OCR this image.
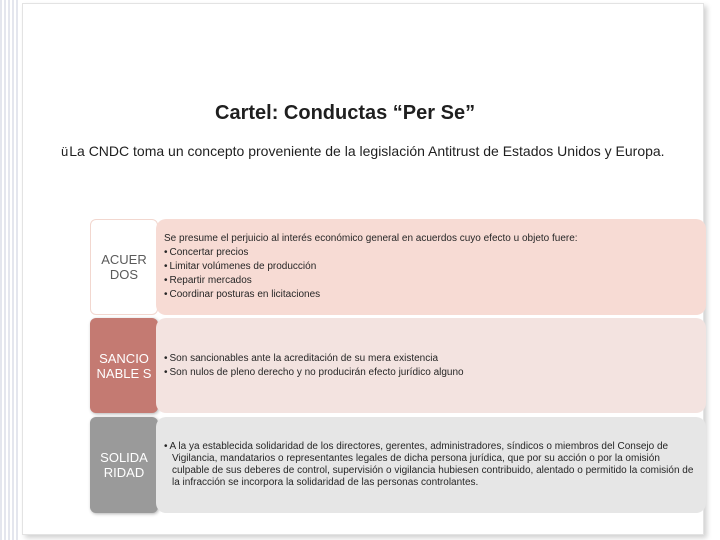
Cartel: Conductas “Per Se”
üLa CNDC toma un concepto proveniente de la legislación Antitrust de Estados Unidos y Europa.
ACUER DOS
Se presume el perjuicio al interés económico general en acuerdos cuyo efecto u objeto fuere:
• Concertar precios
• Limitar volúmenes de producción
• Repartir mercados
• Coordinar posturas en licitaciones
SANCIO NABLE S
• Son sancionables ante la acreditación de su mera existencia
• Son nulos de pleno derecho y no producirán efecto jurídico alguno
SOLIDA RIDAD
• A la ya establecida solidaridad de los directores, gerentes, administradores, síndicos o miembros del Consejo de Vigilancia, mandatarios o representantes legales de dicha persona jurídica, que por su acción o por la omisión culpable de sus deberes de control, supervisión o vigilancia hubiesen contribuido, alentado o permitido la comisión de la infracción se incorpora la solidaridad de las personas controlantes.
